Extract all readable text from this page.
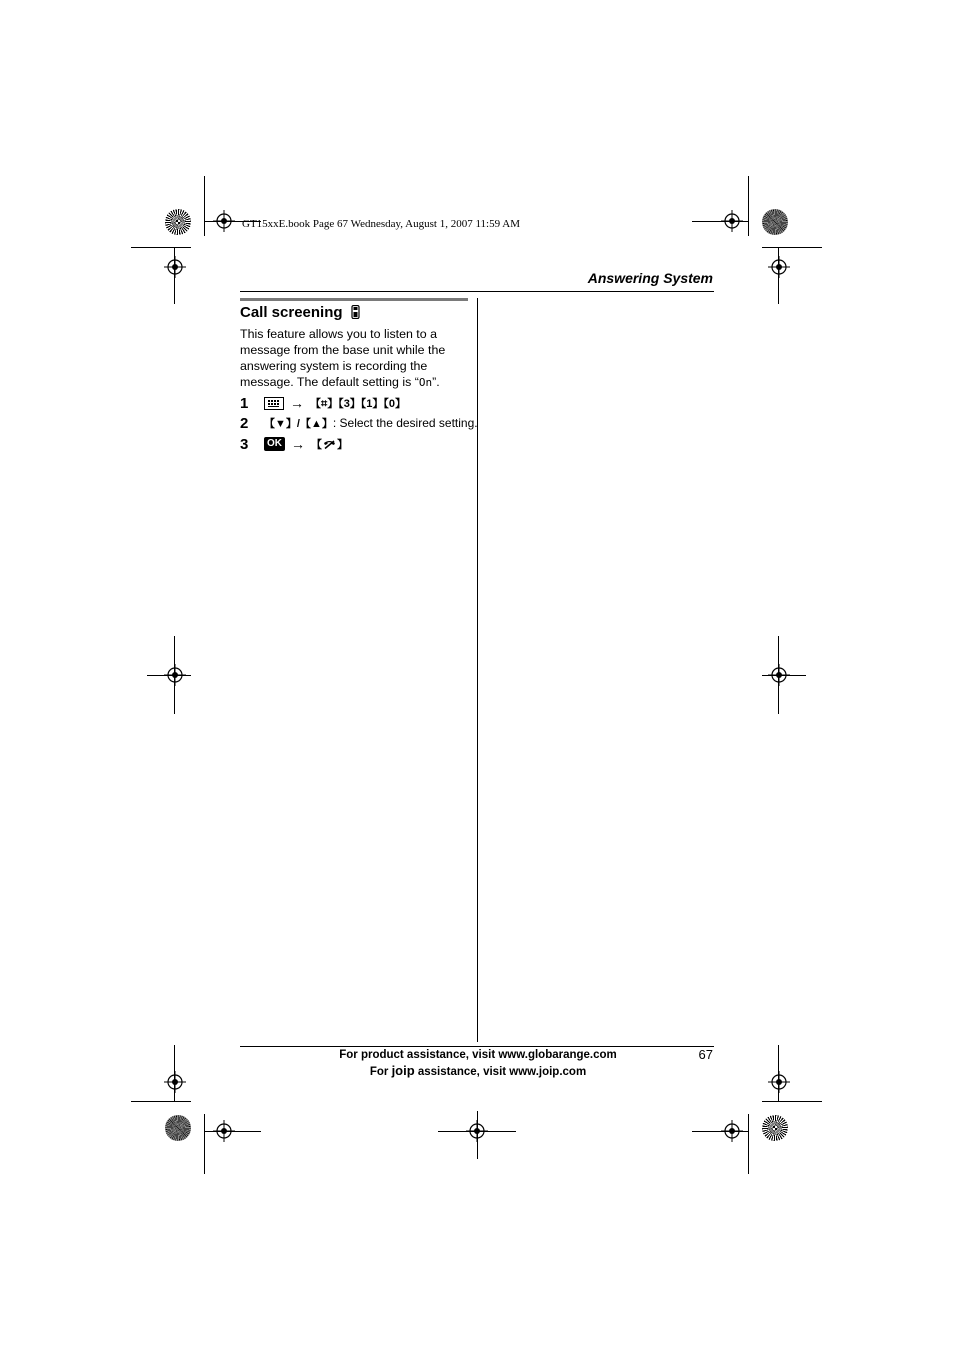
GT15xxE.book Page 67 Wednesday, August 1, 2007 11:59 AM
Answering System
Call screening
This feature allows you to listen to a
message from the base unit while the
answering system is recording the
message. The default setting is “On”.
1	→ 【⌗】【3】【1】【0】
2	【▼】/【▲】 : Select the desired setting.
3	OK → 【 】
For product assistance, visit www.globarange.com
For joip assistance, visit www.joip.com
67
